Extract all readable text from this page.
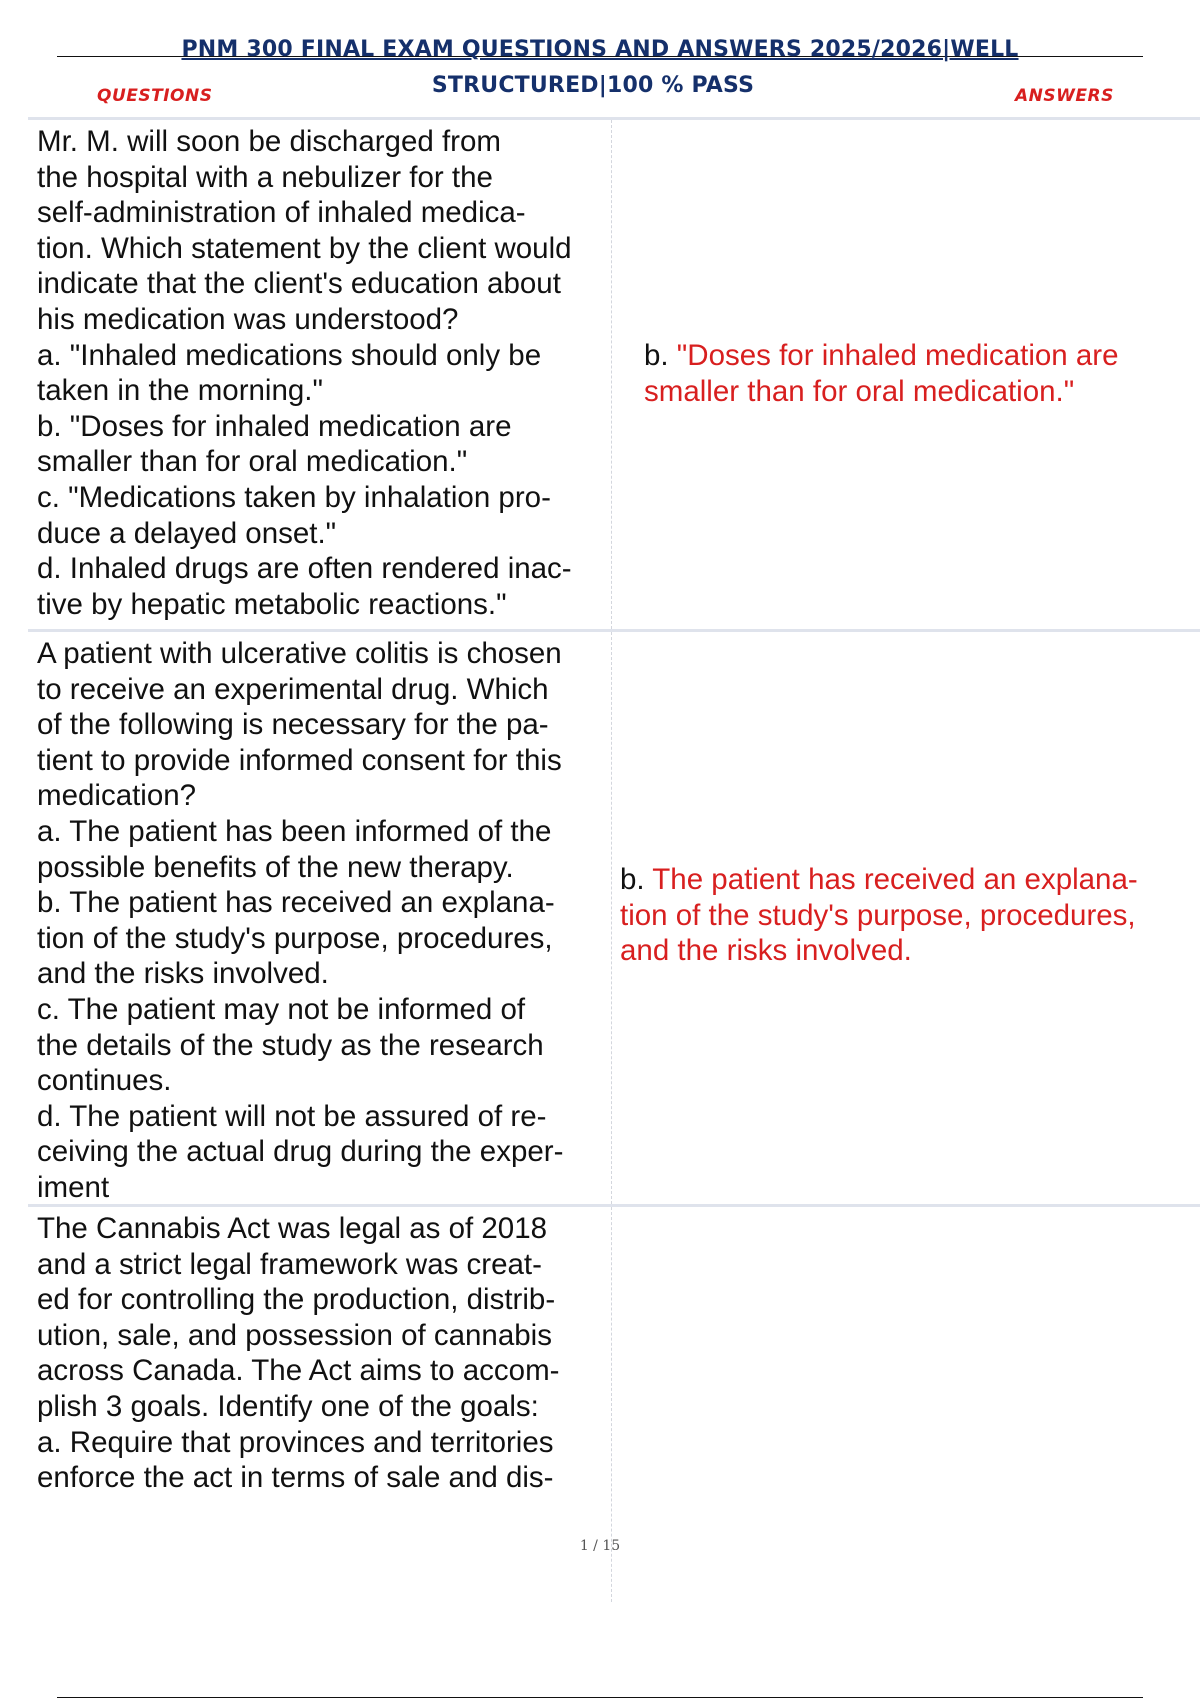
PNM 300 FINAL EXAM QUESTIONS AND ANSWERS 2025/2026|WELL
STRUCTURED|100 % PASS
QUESTIONS	ANSWERS
Mr. M. will soon be discharged from
the hospital with a nebulizer for the
self-administration of inhaled medica-
tion. Which statement by the client would
indicate that the client's education about
his medication was understood?
a. "Inhaled medications should only be
taken in the morning."
b. "Doses for inhaled medication are
smaller than for oral medication."
c. "Medications taken by inhalation pro-
duce a delayed onset."
d. Inhaled drugs are often rendered inac-
tive by hepatic metabolic reactions."
b. "Doses for inhaled medication are
smaller than for oral medication."
A patient with ulcerative colitis is chosen
to receive an experimental drug. Which
of the following is necessary for the pa-
tient to provide informed consent for this
medication?
a. The patient has been informed of the
possible benefits of the new therapy.
b. The patient has received an explana-
tion of the study's purpose, procedures,
and the risks involved.
c. The patient may not be informed of
the details of the study as the research
continues.
d. The patient will not be assured of re-
ceiving the actual drug during the exper-
iment
b. The patient has received an explana-
tion of the study's purpose, procedures,
and the risks involved.
The Cannabis Act was legal as of 2018
and a strict legal framework was creat-
ed for controlling the production, distrib-
ution, sale, and possession of cannabis
across Canada. The Act aims to accom-
plish 3 goals. Identify one of the goals:
a. Require that provinces and territories
enforce the act in terms of sale and dis-
1 / 15
